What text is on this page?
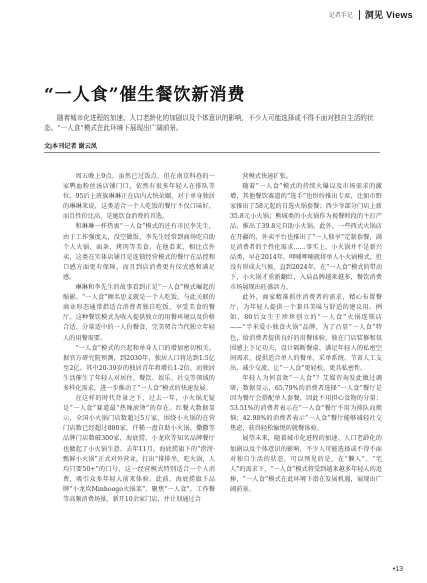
记者手记 洞见 Views
“一人食”催生餐饮新消费
随着城市化进程的加速、人口老龄化的加剧以及个体意识的影响，不少人可能选择或不得不面对独自生活的状态。“一人食”模式在此环境下展现出广阔前景。
文|本刊记者 谢云凤

周五晚上9点，虽然已过饭点，但在南京科巷的一家鸭血粉丝汤店铺门口，依然有很多年轻人在排队等位。95后上班族琳琳正在店内大快朵颐，对于单身独居的琳琳来说，这类适合一个人吃饭的餐厅不仅口味好，而且性价比高，是她饮食消费的首选。

和琳琳一样热衷“一人食”模式的还有市民李先生，由于工作强度大，没空做饭，李先生经常到商场吃自助个人火锅、面条、烤肉等美食，在他看来，相比点外卖，这类在实体店铺且是连锁经营模式的餐厅在品控和口感方面更有保障，而且到店消费更有仪式感和满足感。

琳琳和李先生的故事看到正是“一人食”模式崛起的缩影。“一人食”顾名思义就是一个人吃饭，与此关联的商业形态通常指适合消费者独自吃饭、享受美食的餐厅。这种餐饮模式为收入提供独立的用餐环境以及价格合适、分量适中的一人份餐食，完美契合当代独立年轻人的用餐需要。

“一人食”模式的兴起和单身人口的增加密切相关。据官方研究院预测，到2030年，独居人口将达到1.5亿至2亿。其中20-39岁的独居青年将增长1-2倍，而独居生活催生了年轻人对居住、餐饮、娱乐、社交等领域的多样化需求，进一步推动了“一人食”模式的快速发展。

在这样的时代背景之下，过去一年，小火锅无疑是“一人食”赛道最“热辣滚烫”的存在。红餐大数据显示，全国小火锅门店数超过5万家，围绕小火锅的在营门店数已经超过880家，仟稀一盘自助小火锅、撒撒等品牌门店数破300家，海底捞、小龙坎等知名品牌餐厅也做起了小火锅生意。去年11月，海底捞旗下的“涝涝·甄鲜小火锅”正式对外营业，打出“排排坐，吃火锅，人均只要50+”的口号，这一经营模式特别适合一个人消费，吸引众多年轻人前来体验。此前，海底捞旗下品牌“小龙坎Minhoogo火锅菜”、聚焦“一人食”，工作餐等高频消费场景，新开10余家门店，并计划通过合

营模式快速扩张。

随着“一人食”模式的持续火爆以及市场需求的激增，其他餐饮赛道的“选手”也纷纷推出专席，比如市野家推出了58元起的自选火锅套餐；西少爷部分门店上新35.8元小火锅；熊城类的小火锅作为视餐时段的主打产品，推出了39.8元自助小火锅。此外，一些西式火锅店在开疆的、外卖平台也推出了“一人独享”定制套餐，满足消费者的个性化需求……事实上，小火锅并不是新兴品类，早在2014年，呷哺呷哺就将单人小火锅模式，但没有形成大气候，直到2024年，在“一人食”模式的带动下，小火锅才重新翻红，入局品牌越来越多，餐饮消费市场展现出旺盛活力。

此外，商家精准抓住消费者的需求，精心布置餐厅，为年轻人提供一个兼具美味与舒适的建议用。例如，80后女生王珍珍创立的“一人食”火锅连锁店——“半米爱小独食火锅”品牌，为了凸显“一人食”特色，给消费者提供良好的用餐体验，独在门店装修和氛围感上下足功夫，设计隔断餐桌、满足年轻人的私密空间需求，提供适合单人的餐单、采单系统、节省人工支出，减少交流，让“一人食”更轻松、更具私密性。

年轻人为何喜欢“一人食”？艾媒咨询发此做过调研，数据显示，65.79%的消费者选择“一人食”餐厅是因为餐厅会搭配单人套餐，因此不用担心食物的分量；53.51%的消费者表示在“一人食”餐厅不用为排队而烦恼；42.98%的消费者表示“一人食”餐厅能够减轻社交焦虑，获得轻松愉悦的就餐体验。

展望未来，随着城市化进程的加速、人口老龄化的加剧以及个体意识的影响，不少人可能选择或不得不面对独自生活的状态，可以预见的是，在“懒人”、“宅人”的需求下，“一人食”模式将受到越来越多年轻人的追捧，“一人食”模式在此环境下潜在发展机遇，展现出广阔前景。

•13
